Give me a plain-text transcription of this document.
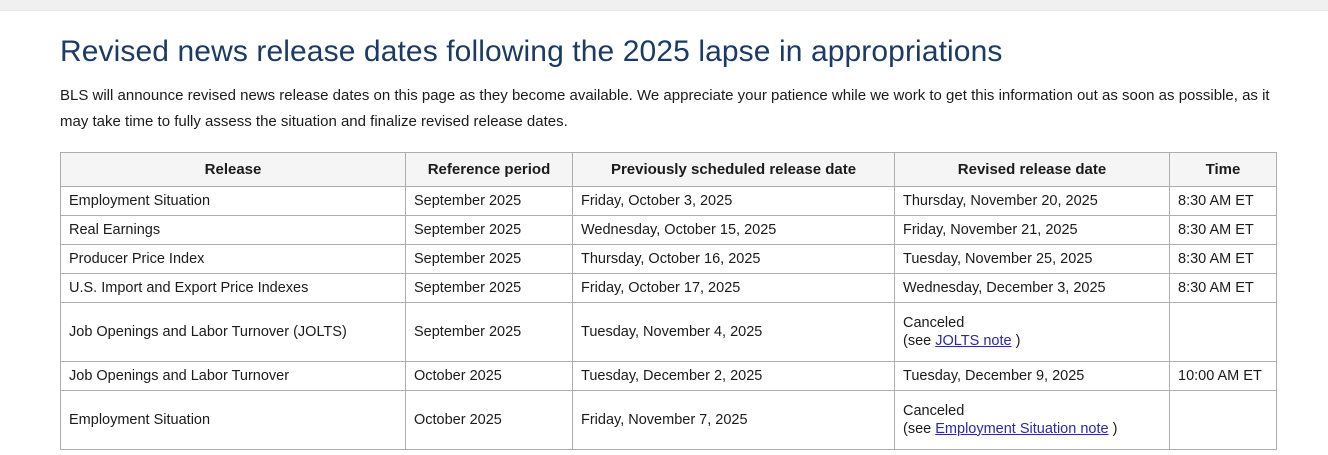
Revised news release dates following the 2025 lapse in appropriations

BLS will announce revised news release dates on this page as they become available. We appreciate your patience while we work to get this information out as soon as possible, as it may take time to fully assess the situation and finalize revised release dates.

Release	Reference period	Previously scheduled release date	Revised release date	Time
Employment Situation	September 2025	Friday, October 3, 2025	Thursday, November 20, 2025	8:30 AM ET
Real Earnings	September 2025	Wednesday, October 15, 2025	Friday, November 21, 2025	8:30 AM ET
Producer Price Index	September 2025	Thursday, October 16, 2025	Tuesday, November 25, 2025	8:30 AM ET
U.S. Import and Export Price Indexes	September 2025	Friday, October 17, 2025	Wednesday, December 3, 2025	8:30 AM ET
Job Openings and Labor Turnover (JOLTS)	September 2025	Tuesday, November 4, 2025	Canceled
(see JOLTS note )	

Job Openings and Labor Turnover	October 2025	Tuesday, December 2, 2025	Tuesday, December 9, 2025	10:00 AM ET
Employment Situation	October 2025	Friday, November 7, 2025	Canceled
(see Employment Situation note )	
